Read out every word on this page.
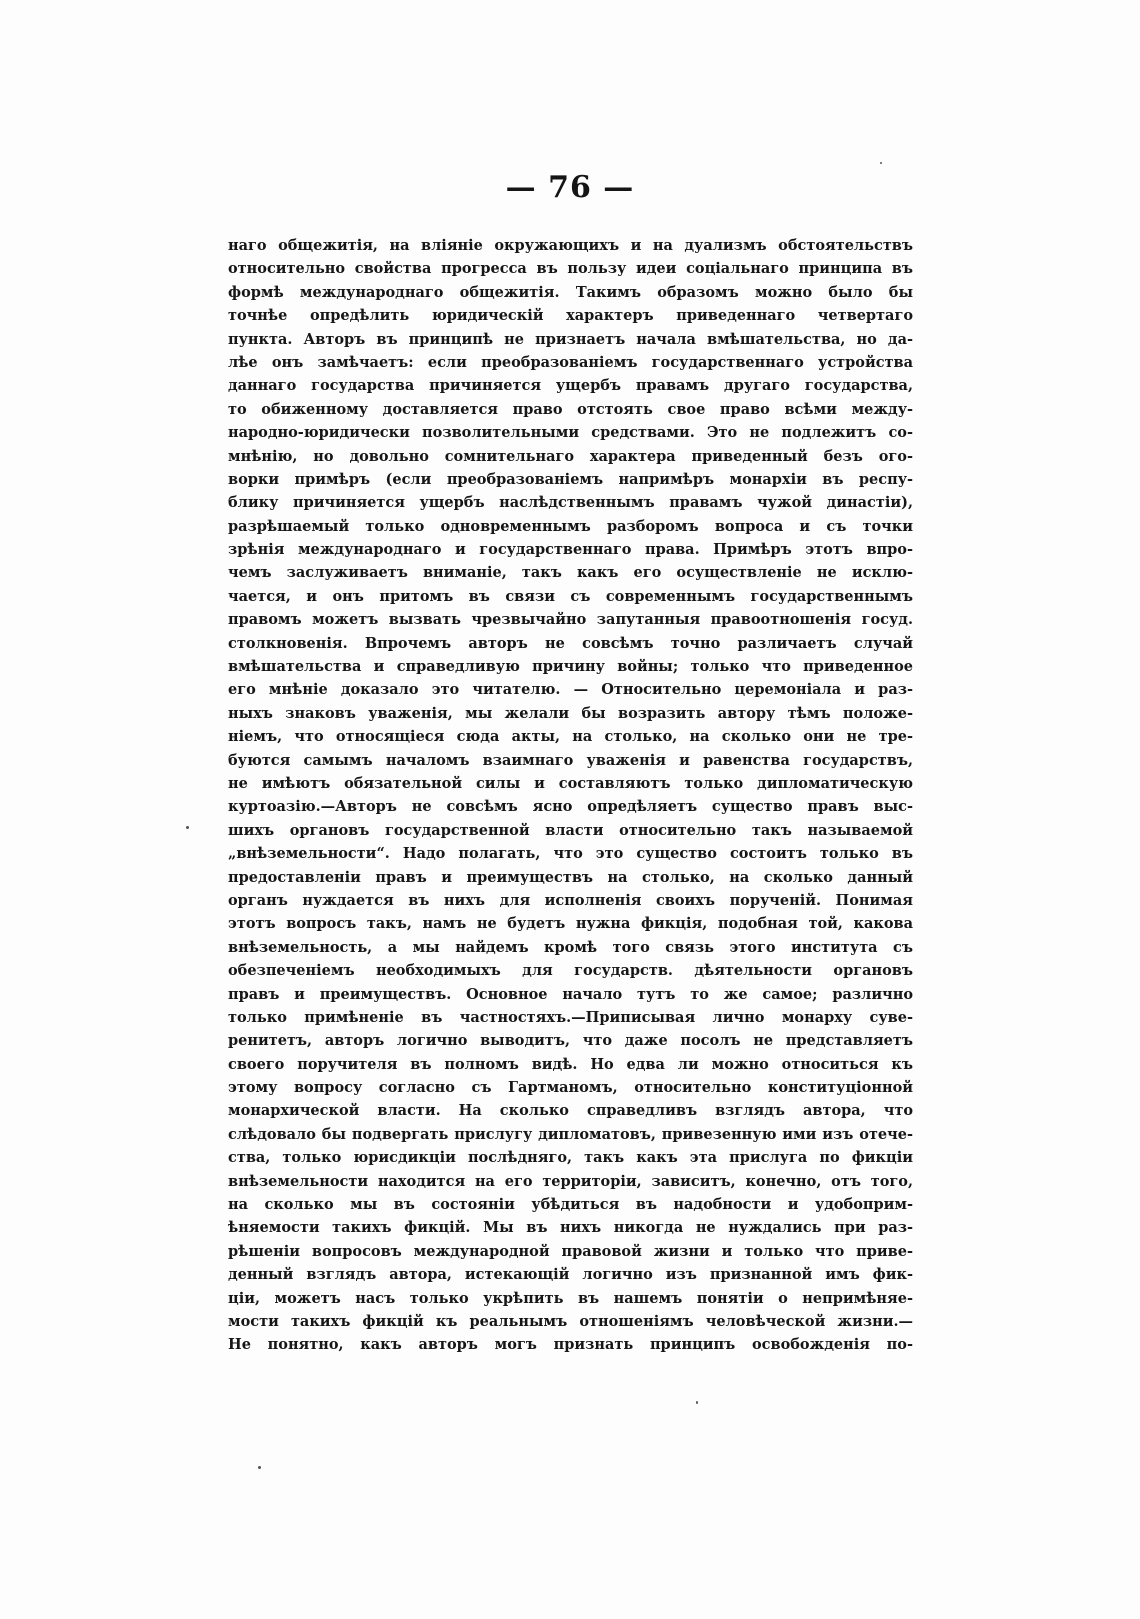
— 76 —
наго общежитія, на вліяніе окружающихъ и на дуализмъ обстоятельствъ
относительно свойства прогресса въ пользу идеи соціальнаго принципа въ
формѣ международнаго общежитія. Такимъ образомъ можно было бы
точнѣе опредѣлить юридическій характеръ приведеннаго четвертаго
пункта. Авторъ въ принципѣ не признаетъ начала вмѣшательства, но да-
лѣе онъ замѣчаетъ: если преобразованіемъ государственнаго устройства
даннаго государства причиняется ущербъ правамъ другаго государства,
то обиженному доставляется право отстоять свое право всѣми между-
народно-юридически позволительными средствами. Это не подлежитъ со-
мнѣнію, но довольно сомнительнаго характера приведенный безъ ого-
ворки примѣръ (если преобразованіемъ напримѣръ монархіи въ респу-
блику причиняется ущербъ наслѣдственнымъ правамъ чужой династіи),
разрѣшаемый только одновременнымъ разборомъ вопроса и съ точки
зрѣнія международнаго и государственнаго права. Примѣръ этотъ впро-
чемъ заслуживаетъ вниманіе, такъ какъ его осуществленіе не исклю-
чается, и онъ притомъ въ связи съ современнымъ государственнымъ
правомъ можетъ вызвать чрезвычайно запутанныя правоотношенія госуд.
столкновенія. Впрочемъ авторъ не совсѣмъ точно различаетъ случай
вмѣшательства и справедливую причину войны; только что приведенное
его мнѣніе доказало это читателю. — Относительно церемоніала и раз-
ныхъ знаковъ уваженія, мы желали бы возразить автору тѣмъ положе-
ніемъ, что относящіеся сюда акты, на столько, на сколько они не тре-
буются самымъ началомъ взаимнаго уваженія и равенства государствъ,
не имѣютъ обязательной силы и составляютъ только дипломатическую
куртоазію.—Авторъ не совсѣмъ ясно опредѣляетъ существо правъ выс-
шихъ органовъ государственной власти относительно такъ называемой
„внѣземельности“. Надо полагать, что это существо состоитъ только въ
предоставленіи правъ и преимуществъ на столько, на сколько данный
органъ нуждается въ нихъ для исполненія своихъ порученій. Понимая
этотъ вопросъ такъ, намъ не будетъ нужна фикція, подобная той, какова
внѣземельность, а мы найдемъ кромѣ того связь этого института съ
обезпеченіемъ необходимыхъ для государств. дѣятельности органовъ
правъ и преимуществъ. Основное начало тутъ то же самое; различно
только примѣненіе въ частностяхъ.—Приписывая лично монарху суве-
ренитетъ, авторъ логично выводитъ, что даже посолъ не представляетъ
своего поручителя въ полномъ видѣ. Но едва ли можно относиться къ
этому вопросу согласно съ Гартманомъ, относительно конституціонной
монархической власти. На сколько справедливъ взглядъ автора, что
слѣдовало бы подвергать прислугу дипломатовъ, привезенную ими изъ отече-
ства, только юрисдикціи послѣдняго, такъ какъ эта прислуга по фикціи
внѣземельности находится на его территоріи, зависитъ, конечно, отъ того,
на сколько мы въ состояніи убѣдиться въ надобности и удобоприм-
ѣняемости такихъ фикцій. Мы въ нихъ никогда не нуждались при раз-
рѣшеніи вопросовъ международной правовой жизни и только что приве-
денный взглядъ автора, истекающій логично изъ признанной имъ фик-
ціи, можетъ насъ только укрѣпить въ нашемъ понятіи о непримѣняе-
мости такихъ фикцій къ реальнымъ отношеніямъ человѣческой жизни.—
Не понятно, какъ авторъ могъ признать принципъ освобожденія по-
